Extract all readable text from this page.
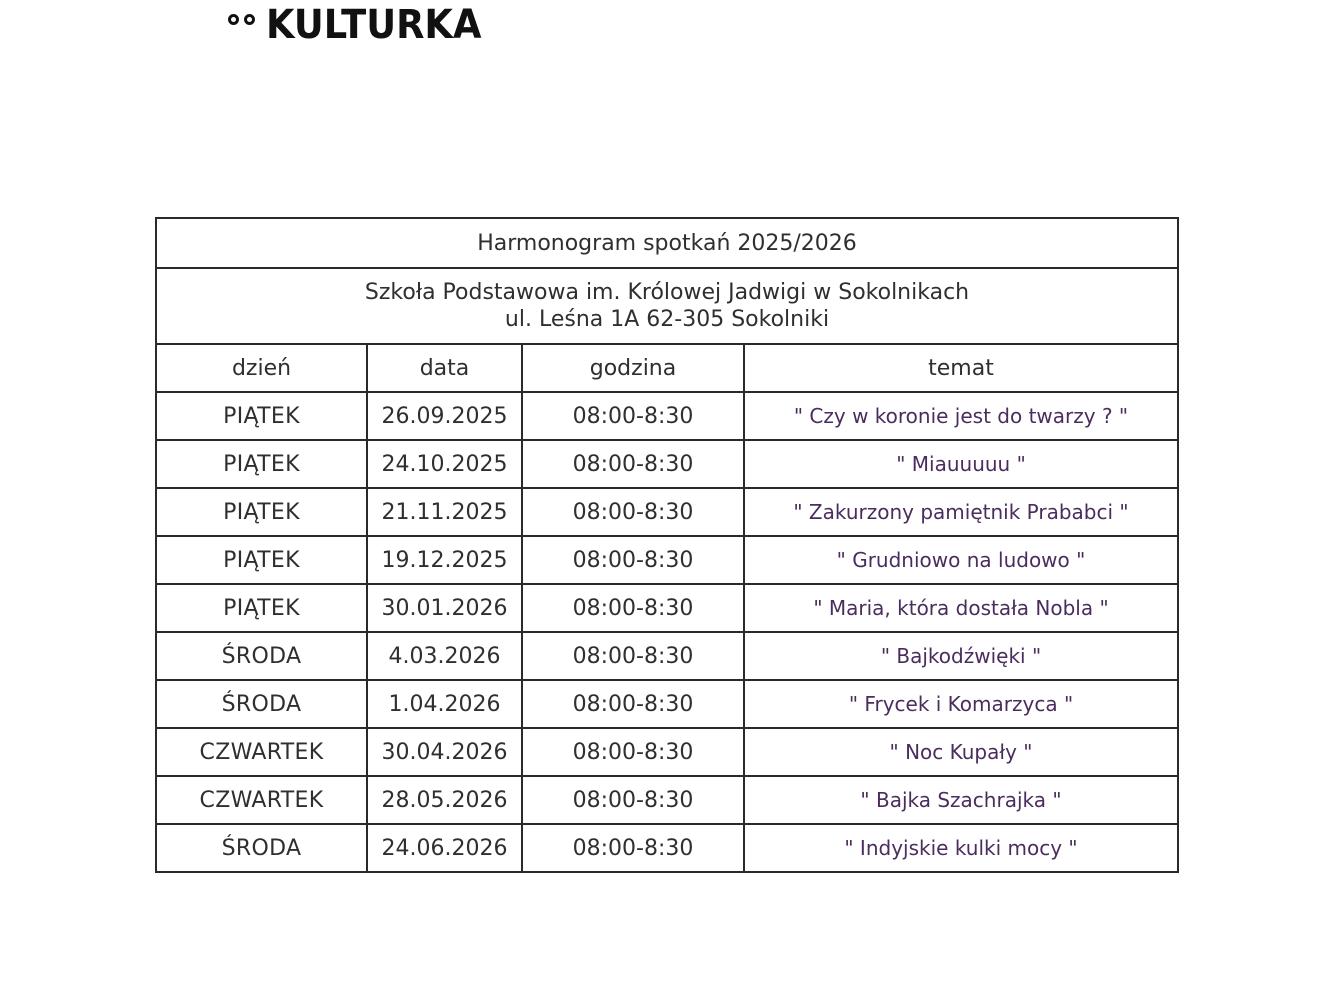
KULTURKA
Harmonogram spotkań 2025/2026			

Szkoła Podstawowa im. Królowej Jadwigi w Sokolnikach
ul. Leśna 1A 62-305 Sokolniki			

dzień	data	godzina	temat
PIĄTEK	26.09.2025	08:00-8:30	" Czy w koronie jest do twarzy ? "
PIĄTEK	24.10.2025	08:00-8:30	" Miauuuuu "
PIĄTEK	21.11.2025	08:00-8:30	" Zakurzony pamiętnik Prababci "
PIĄTEK	19.12.2025	08:00-8:30	" Grudniowo na ludowo "
PIĄTEK	30.01.2026	08:00-8:30	" Maria, która dostała Nobla "
ŚRODA	4.03.2026	08:00-8:30	" Bajkodźwięki "
ŚRODA	1.04.2026	08:00-8:30	" Frycek i Komarzyca "
CZWARTEK	30.04.2026	08:00-8:30	" Noc Kupały "
CZWARTEK	28.05.2026	08:00-8:30	" Bajka Szachrajka "
ŚRODA	24.06.2026	08:00-8:30	" Indyjskie kulki mocy "
